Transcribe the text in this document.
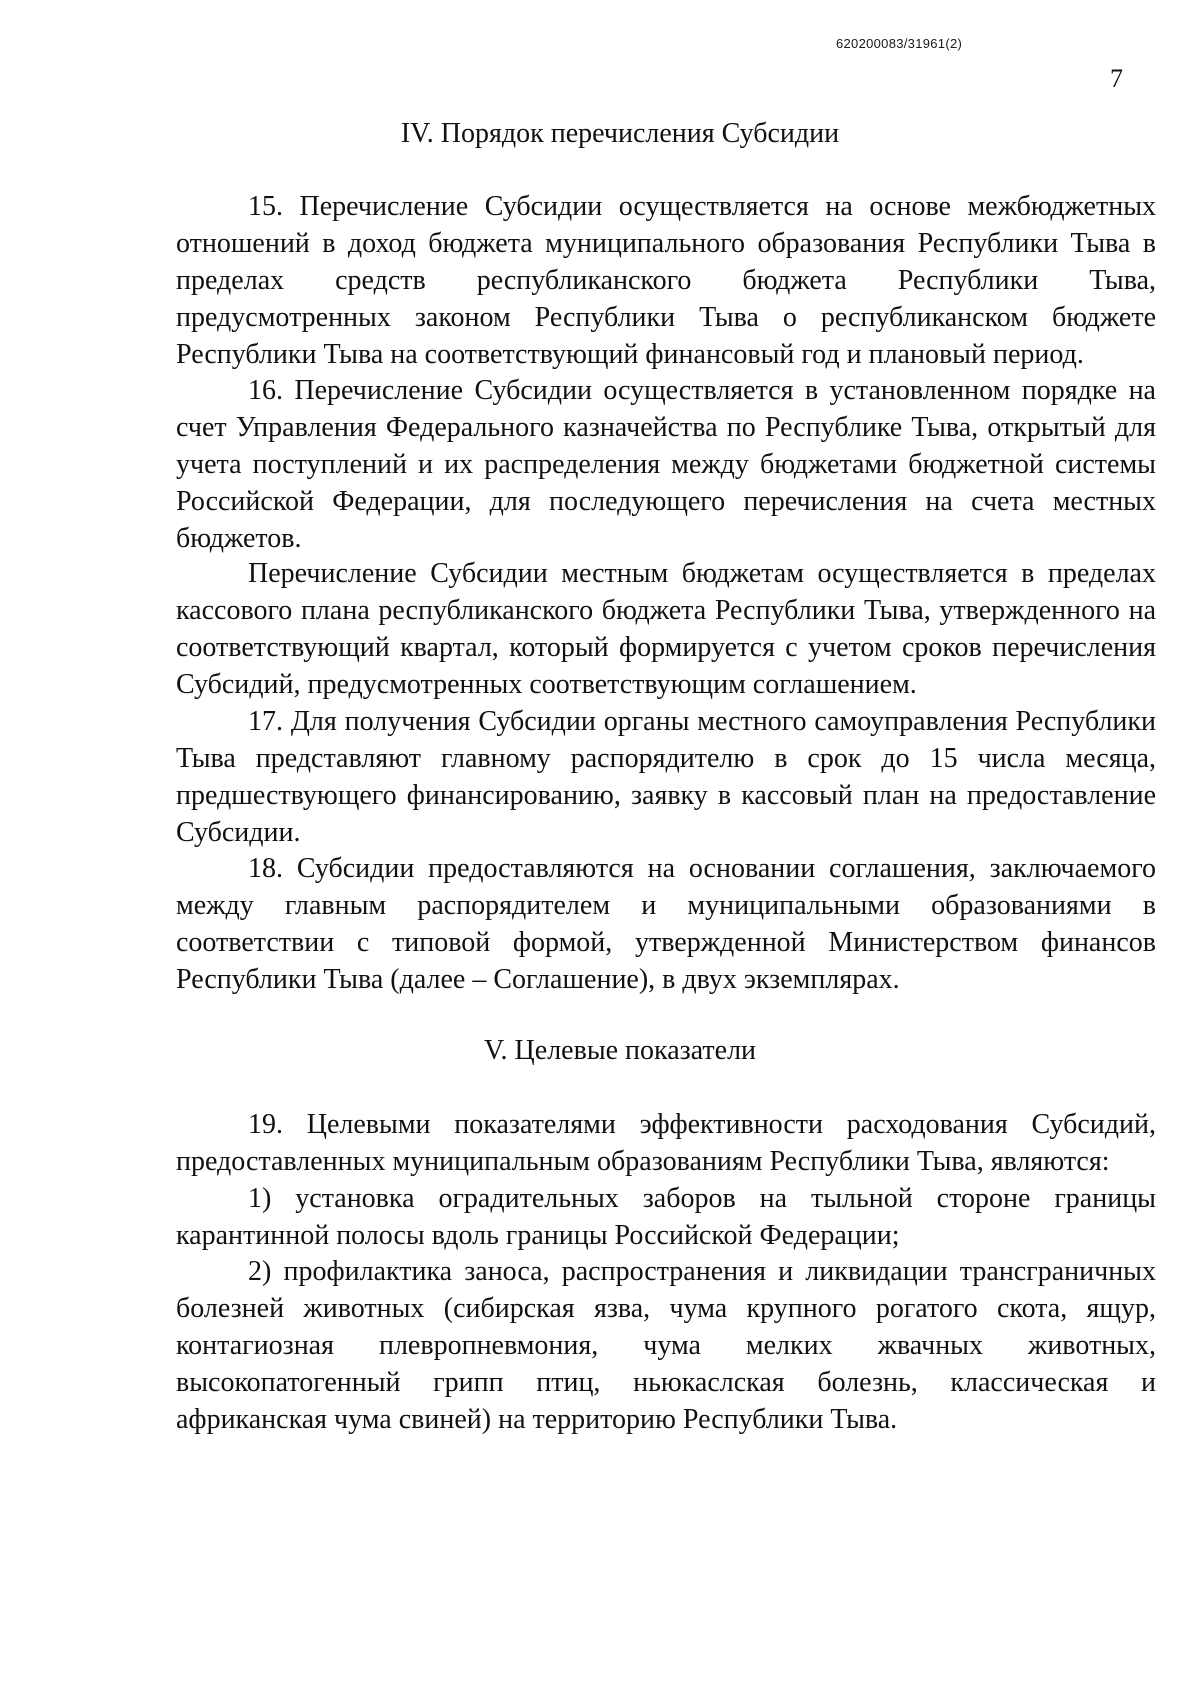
620200083/31961(2)
7
IV. Порядок перечисления Субсидии

15. Перечисление Субсидии осуществляется на основе межбюджетных отношений в доход бюджета муниципального образования Республики Тыва в пределах средств республиканского бюджета Республики Тыва, предусмотренных законом Республики Тыва о республиканском бюджете Республики Тыва на соответствующий финансовый год и плановый период.

16. Перечисление Субсидии осуществляется в установленном порядке на счет Управления Федерального казначейства по Республике Тыва, открытый для учета поступлений и их распределения между бюджетами бюджетной системы Российской Федерации, для последующего перечисления на счета местных бюджетов.

Перечисление Субсидии местным бюджетам осуществляется в пределах кассового плана республиканского бюджета Республики Тыва, утвержденного на соответствующий квартал, который формируется с учетом сроков перечисления Субсидий, предусмотренных соответствующим соглашением.

17. Для получения Субсидии органы местного самоуправления Республики Тыва представляют главному распорядителю в срок до 15 числа месяца, предшествующего финансированию, заявку в кассовый план на предоставление Субсидии.

18. Субсидии предоставляются на основании соглашения, заключаемого между главным распорядителем и муниципальными образованиями в соответствии с типовой формой, утвержденной Министерством финансов Республики Тыва (далее – Соглашение), в двух экземплярах.

V. Целевые показатели

19. Целевыми показателями эффективности расходования Субсидий, предоставленных муниципальным образованиям Республики Тыва, являются:

1) установка оградительных заборов на тыльной стороне границы карантинной полосы вдоль границы Российской Федерации;

2) профилактика заноса, распространения и ликвидации трансграничных болезней животных (сибирская язва, чума крупного рогатого скота, ящур, контагиозная плевропневмония, чума мелких жвачных животных, высокопатогенный грипп птиц, ньюкаслская болезнь, классическая и африканская чума свиней) на территорию Республики Тыва.
